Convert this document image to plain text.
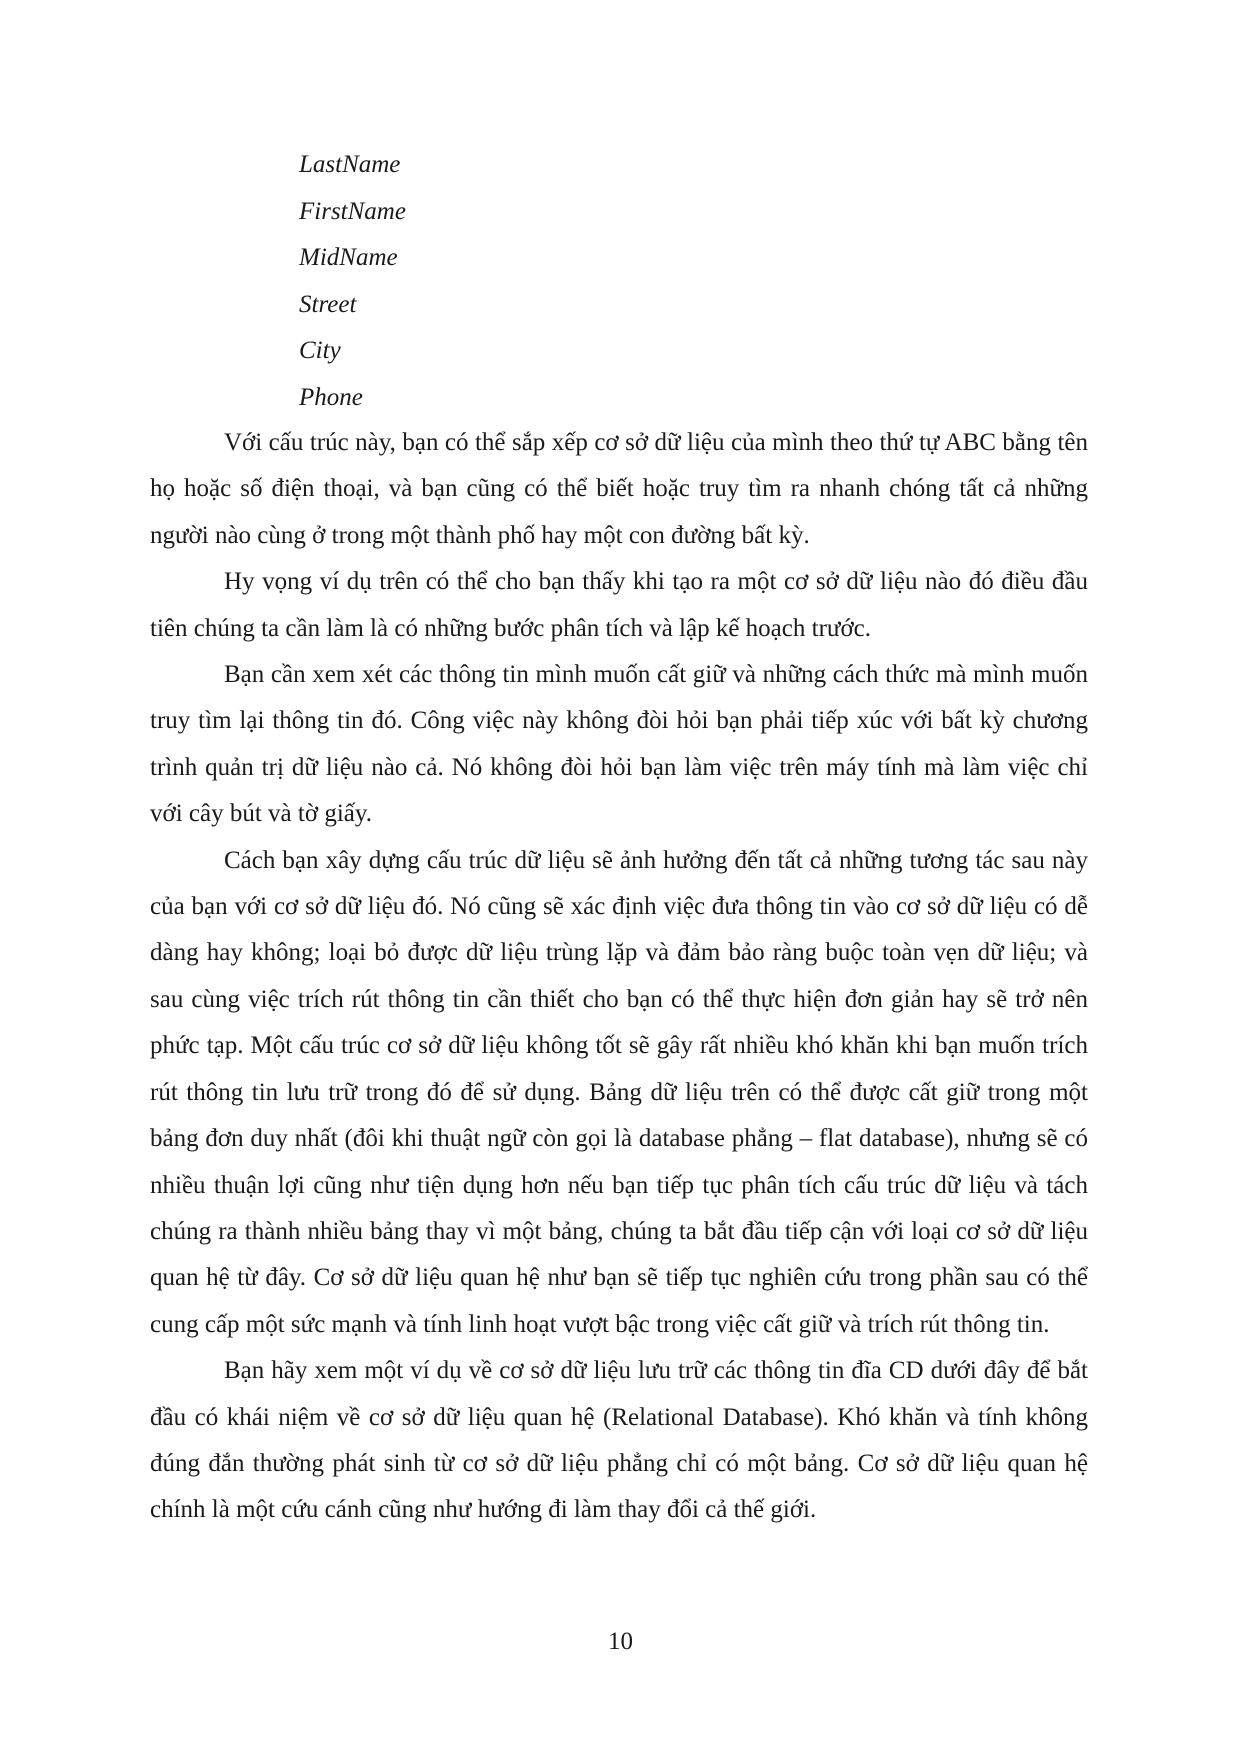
LastName
FirstName
MidName
Street
City
Phone

Với cấu trúc này, bạn có thể sắp xếp cơ sở dữ liệu của mình theo thứ tự ABC bằng tên họ hoặc số điện thoại, và bạn cũng có thể biết hoặc truy tìm ra nhanh chóng tất cả những người nào cùng ở trong một thành phố hay một con đường bất kỳ.

Hy vọng ví dụ trên có thể cho bạn thấy khi tạo ra một cơ sở dữ liệu nào đó điều đầu tiên chúng ta cần làm là có những bước phân tích và lập kế hoạch trước.

Bạn cần xem xét các thông tin mình muốn cất giữ và những cách thức mà mình muốn truy tìm lại thông tin đó. Công việc này không đòi hỏi bạn phải tiếp xúc với bất kỳ chương trình quản trị dữ liệu nào cả. Nó không đòi hỏi bạn làm việc trên máy tính mà làm việc chỉ với cây bút và tờ giấy.

Cách bạn xây dựng cấu trúc dữ liệu sẽ ảnh hưởng đến tất cả những tương tác sau này của bạn với cơ sở dữ liệu đó. Nó cũng sẽ xác định việc đưa thông tin vào cơ sở dữ liệu có dễ dàng hay không; loại bỏ được dữ liệu trùng lặp và đảm bảo ràng buộc toàn vẹn dữ liệu; và sau cùng việc trích rút thông tin cần thiết cho bạn có thể thực hiện đơn giản hay sẽ trở nên phức tạp. Một cấu trúc cơ sở dữ liệu không tốt sẽ gây rất nhiều khó khăn khi bạn muốn trích rút thông tin lưu trữ trong đó để sử dụng. Bảng dữ liệu trên có thể được cất giữ trong một bảng đơn duy nhất (đôi khi thuật ngữ còn gọi là database phẳng – flat database), nhưng sẽ có nhiều thuận lợi cũng như tiện dụng hơn nếu bạn tiếp tục phân tích cấu trúc dữ liệu và tách chúng ra thành nhiều bảng thay vì một bảng, chúng ta bắt đầu tiếp cận với loại cơ sở dữ liệu quan hệ từ đây. Cơ sở dữ liệu quan hệ như bạn sẽ tiếp tục nghiên cứu trong phần sau có thể cung cấp một sức mạnh và tính linh hoạt vượt bậc trong việc cất giữ và trích rút thông tin.

Bạn hãy xem một ví dụ về cơ sở dữ liệu lưu trữ các thông tin đĩa CD dưới đây để bắt đầu có khái niệm về cơ sở dữ liệu quan hệ (Relational Database). Khó khăn và tính không đúng đắn thường phát sinh từ cơ sở dữ liệu phẳng chỉ có một bảng. Cơ sở dữ liệu quan hệ chính là một cứu cánh cũng như hướng đi làm thay đổi cả thế giới.

10
